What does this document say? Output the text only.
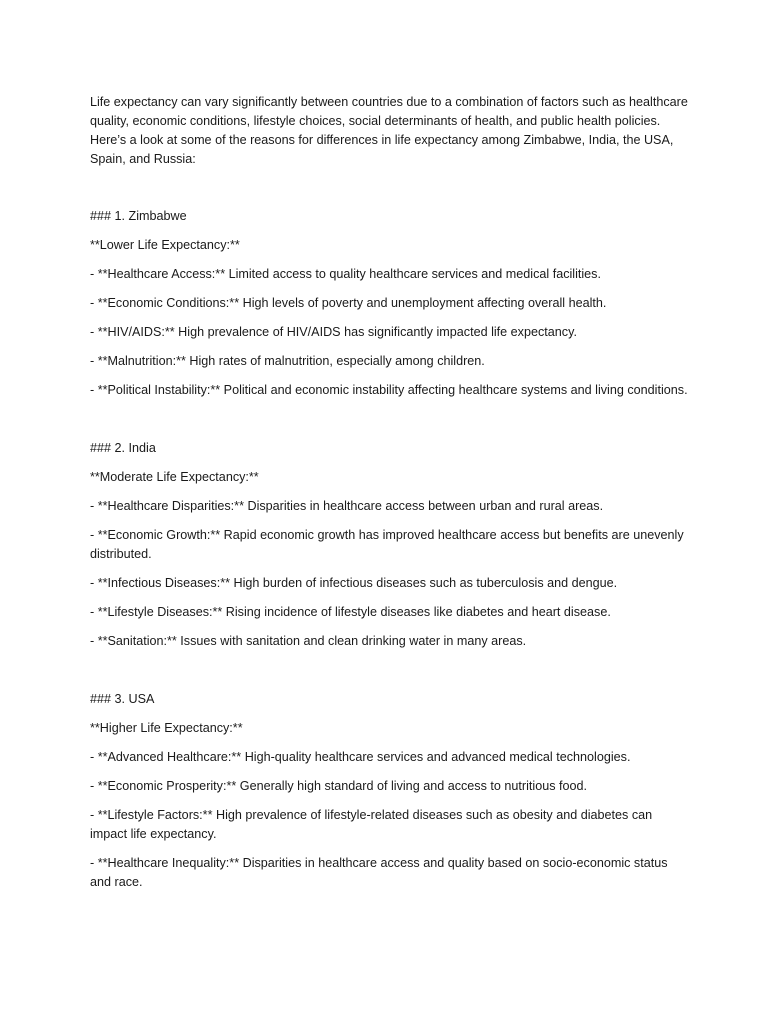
Life expectancy can vary significantly between countries due to a combination of factors such as healthcare quality, economic conditions, lifestyle choices, social determinants of health, and public health policies. Here’s a look at some of the reasons for differences in life expectancy among Zimbabwe, India, the USA, Spain, and Russia:

### 1. Zimbabwe

**Lower Life Expectancy:**

- **Healthcare Access:** Limited access to quality healthcare services and medical facilities.

- **Economic Conditions:** High levels of poverty and unemployment affecting overall health.

- **HIV/AIDS:** High prevalence of HIV/AIDS has significantly impacted life expectancy.

- **Malnutrition:** High rates of malnutrition, especially among children.

- **Political Instability:** Political and economic instability affecting healthcare systems and living conditions.

### 2. India

**Moderate Life Expectancy:**

- **Healthcare Disparities:** Disparities in healthcare access between urban and rural areas.

- **Economic Growth:** Rapid economic growth has improved healthcare access but benefits are unevenly distributed.

- **Infectious Diseases:** High burden of infectious diseases such as tuberculosis and dengue.

- **Lifestyle Diseases:** Rising incidence of lifestyle diseases like diabetes and heart disease.

- **Sanitation:** Issues with sanitation and clean drinking water in many areas.

### 3. USA

**Higher Life Expectancy:**

- **Advanced Healthcare:** High-quality healthcare services and advanced medical technologies.

- **Economic Prosperity:** Generally high standard of living and access to nutritious food.

- **Lifestyle Factors:** High prevalence of lifestyle-related diseases such as obesity and diabetes can impact life expectancy.

- **Healthcare Inequality:** Disparities in healthcare access and quality based on socio-economic status and race.
